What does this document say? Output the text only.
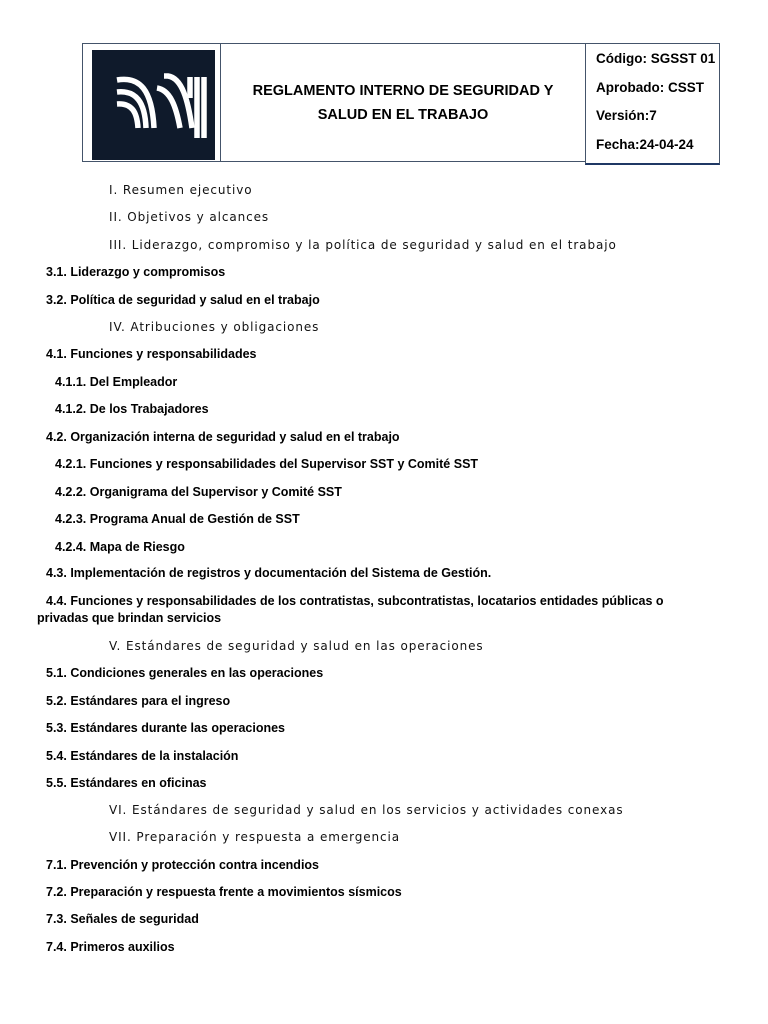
REGLAMENTO INTERNO DE SEGURIDAD Y
SALUD EN EL TRABAJO
Código: SGSST 01
Aprobado: CSST
Versión:7
Fecha:24-04-24
I. Resumen ejecutivo
II. Objetivos y alcances
III. Liderazgo, compromiso y la política de seguridad y salud en el trabajo
3.1. Liderazgo y compromisos
3.2. Política de seguridad y salud en el trabajo
IV. Atribuciones y obligaciones
4.1. Funciones y responsabilidades
4.1.1. Del Empleador
4.1.2. De los Trabajadores
4.2. Organización interna de seguridad y salud en el trabajo
4.2.1. Funciones y responsabilidades del Supervisor SST y Comité SST
4.2.2. Organigrama del Supervisor y Comité SST
4.2.3. Programa Anual de Gestión de SST
4.2.4. Mapa de Riesgo
4.3. Implementación de registros y documentación del Sistema de Gestión.
4.4. Funciones y responsabilidades de los contratistas, subcontratistas, locatarios entidades públicas o privadas que brindan servicios
V. Estándares de seguridad y salud en las operaciones
5.1. Condiciones generales en las operaciones
5.2. Estándares para el ingreso
5.3. Estándares durante las operaciones
5.4. Estándares de la instalación
5.5. Estándares en oficinas
VI. Estándares de seguridad y salud en los servicios y actividades conexas
VII. Preparación y respuesta a emergencia
7.1. Prevención y protección contra incendios
7.2. Preparación y respuesta frente a movimientos sísmicos
7.3. Señales de seguridad
7.4. Primeros auxilios
